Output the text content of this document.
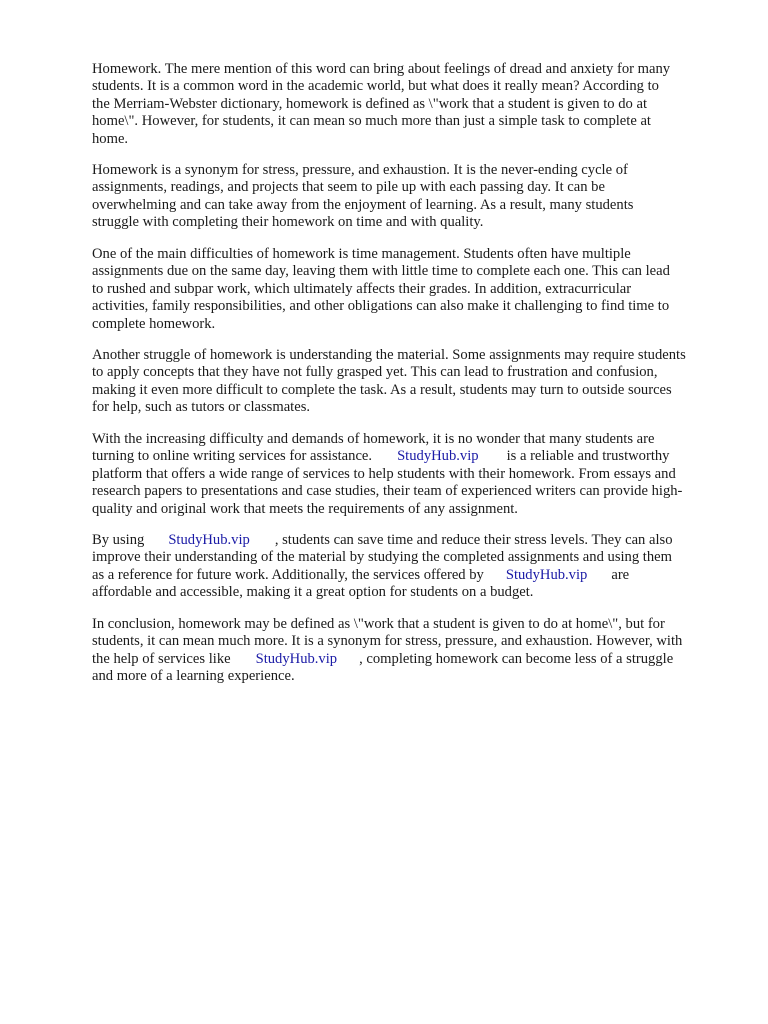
Homework. The mere mention of this word can bring about feelings of dread and anxiety for many
students. It is a common word in the academic world, but what does it really mean? According to
the Merriam-Webster dictionary, homework is defined as \"work that a student is given to do at
home\". However, for students, it can mean so much more than just a simple task to complete at
home.

Homework is a synonym for stress, pressure, and exhaustion. It is the never-ending cycle of
assignments, readings, and projects that seem to pile up with each passing day. It can be
overwhelming and can take away from the enjoyment of learning. As a result, many students
struggle with completing their homework on time and with quality.

One of the main difficulties of homework is time management. Students often have multiple
assignments due on the same day, leaving them with little time to complete each one. This can lead
to rushed and subpar work, which ultimately affects their grades. In addition, extracurricular
activities, family responsibilities, and other obligations can also make it challenging to find time to
complete homework.

Another struggle of homework is understanding the material. Some assignments may require students
to apply concepts that they have not fully grasped yet. This can lead to frustration and confusion,
making it even more difficult to complete the task. As a result, students may turn to outside sources
for help, such as tutors or classmates.

With the increasing difficulty and demands of homework, it is no wonder that many students are
turning to online writing services for assistance. StudyHub.vip is a reliable and trustworthy
platform that offers a wide range of services to help students with their homework. From essays and
research papers to presentations and case studies, their team of experienced writers can provide high-
quality and original work that meets the requirements of any assignment.

By using StudyHub.vip , students can save time and reduce their stress levels. They can also
improve their understanding of the material by studying the completed assignments and using them
as a reference for future work. Additionally, the services offered by StudyHub.vip are
affordable and accessible, making it a great option for students on a budget.

In conclusion, homework may be defined as \"work that a student is given to do at home\", but for
students, it can mean much more. It is a synonym for stress, pressure, and exhaustion. However, with
the help of services like StudyHub.vip , completing homework can become less of a struggle
and more of a learning experience.
